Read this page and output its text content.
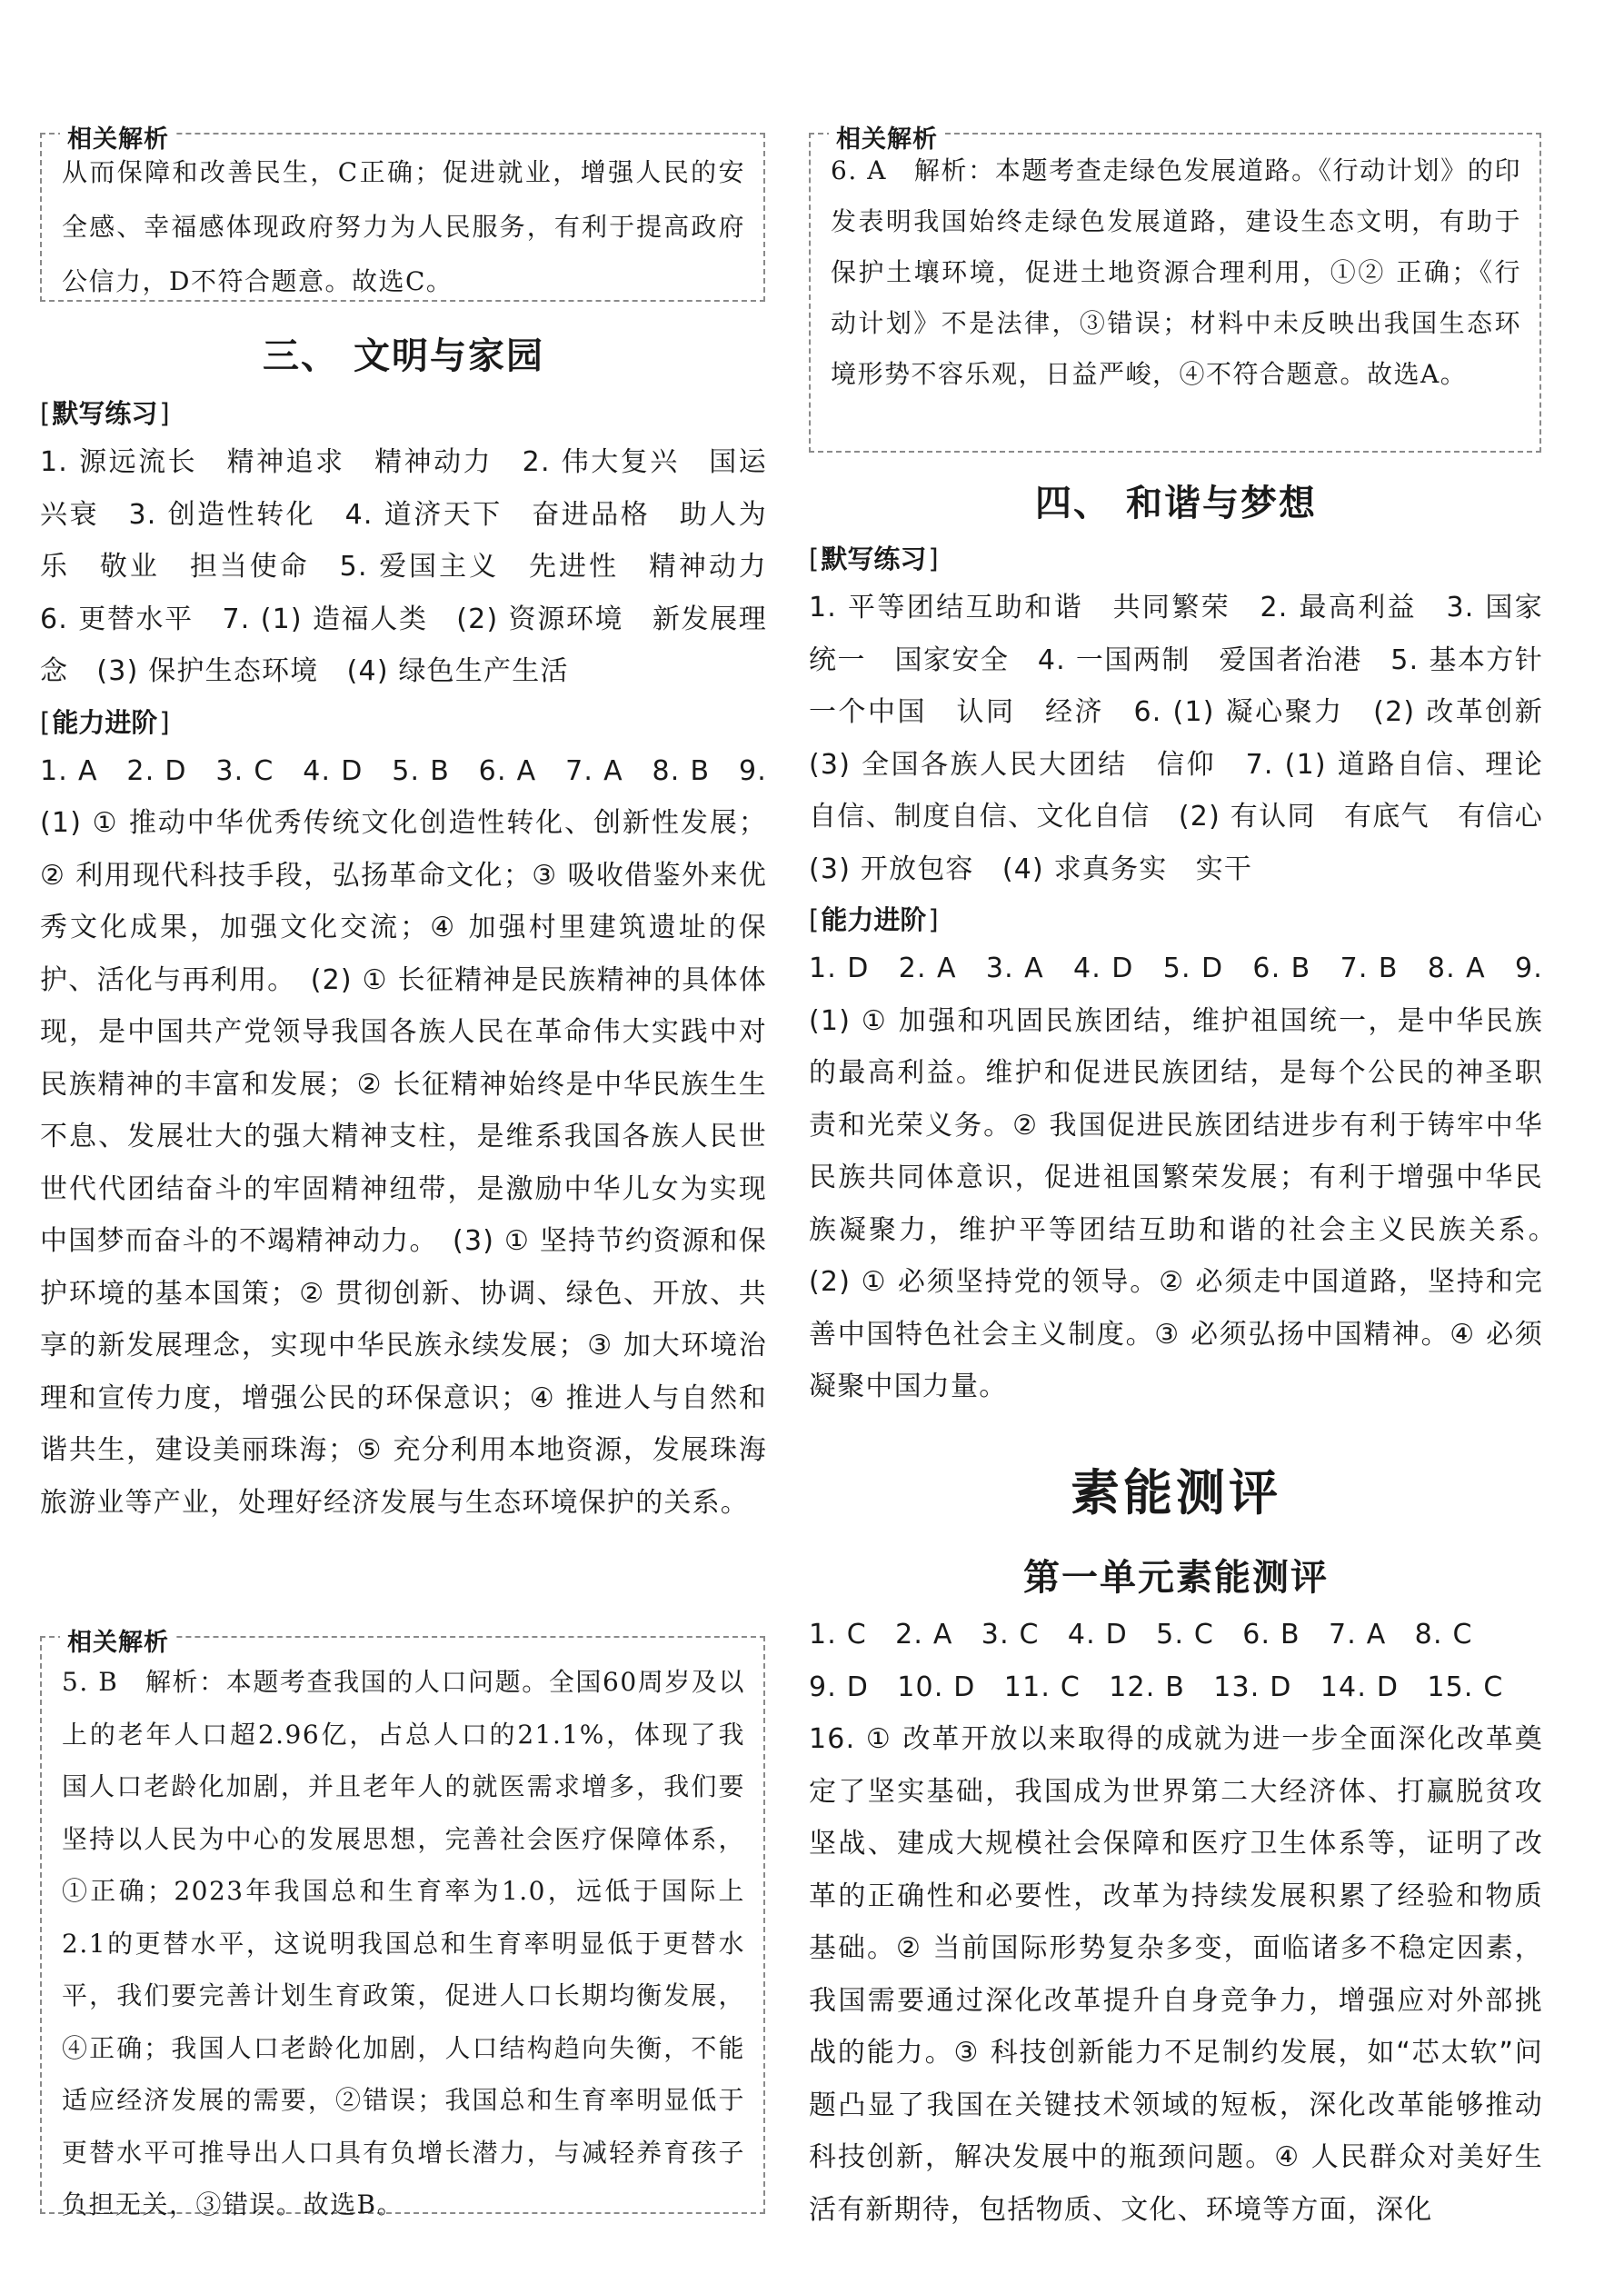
相关解析
从而保障和改善民生，C正确；促进就业，增强人民的安全感、幸福感体现政府努力为人民服务，有利于提高政府公信力，D不符合题意。故选C。
三、 文明与家园
[ 默写练习 ]
1. 源远流长　精神追求　精神动力　2. 伟大复兴　国运兴衰　3. 创造性转化　4. 道济天下　奋进品格　助人为乐　敬业　担当使命　5. 爱国主义　先进性　精神动力　6. 更替水平　7. (1) 造福人类　(2) 资源环境　新发展理念　(3) 保护生态环境　(4) 绿色生产生活
[ 能力进阶 ]
1. A　2. D　3. C　4. D　5. B　6. A　7. A　8. B　9. (1) ① 推动中华优秀传统文化创造性转化、创新性发展；② 利用现代科技手段，弘扬革命文化；③ 吸收借鉴外来优秀文化成果，加强文化交流；④ 加强村里建筑遗址的保护、活化与再利用。　(2) ① 长征精神是民族精神的具体体现，是中国共产党领导我国各族人民在革命伟大实践中对民族精神的丰富和发展；② 长征精神始终是中华民族生生不息、发展壮大的强大精神支柱，是维系我国各族人民世世代代团结奋斗的牢固精神纽带，是激励中华儿女为实现中国梦而奋斗的不竭精神动力。　(3) ① 坚持节约资源和保护环境的基本国策；② 贯彻创新、协调、绿色、开放、共享的新发展理念，实现中华民族永续发展；③ 加大环境治理和宣传力度，增强公民的环保意识；④ 推进人与自然和谐共生，建设美丽珠海；⑤ 充分利用本地资源，发展珠海旅游业等产业，处理好经济发展与生态环境保护的关系。
相关解析
5. B　解析：本题考查我国的人口问题。全国60周岁及以上的老年人口超2.96亿，占总人口的21.1%，体现了我国人口老龄化加剧，并且老年人的就医需求增多，我们要坚持以人民为中心的发展思想，完善社会医疗保障体系，①正确；2023年我国总和生育率为1.0，远低于国际上2.1的更替水平，这说明我国总和生育率明显低于更替水平，我们要完善计划生育政策，促进人口长期均衡发展，④正确；我国人口老龄化加剧，人口结构趋向失衡，不能适应经济发展的需要，②错误；我国总和生育率明显低于更替水平可推导出人口具有负增长潜力，与减轻养育孩子负担无关，③错误。故选B。
相关解析
6. A　解析：本题考查走绿色发展道路。《行动计划》的印发表明我国始终走绿色发展道路，建设生态文明，有助于保护土壤环境，促进土地资源合理利用，①② 正确；《行动计划》不是法律，③错误；材料中未反映出我国生态环境形势不容乐观，日益严峻，④不符合题意。故选A。
四、 和谐与梦想
[ 默写练习 ]
1. 平等团结互助和谐　共同繁荣　2. 最高利益　3. 国家统一　国家安全　4. 一国两制　爱国者治港　5. 基本方针　一个中国　认同　经济　6. (1) 凝心聚力　(2) 改革创新　(3) 全国各族人民大团结　信仰　7. (1) 道路自信、理论自信、制度自信、文化自信　(2) 有认同　有底气　有信心　(3) 开放包容　(4) 求真务实　实干
[ 能力进阶 ]
1. D　2. A　3. A　4. D　5. D　6. B　7. B　8. A　9. (1) ① 加强和巩固民族团结，维护祖国统一，是中华民族的最高利益。维护和促进民族团结，是每个公民的神圣职责和光荣义务。② 我国促进民族团结进步有利于铸牢中华民族共同体意识，促进祖国繁荣发展；有利于增强中华民族凝聚力，维护平等团结互助和谐的社会主义民族关系。　(2) ① 必须坚持党的领导。② 必须走中国道路，坚持和完善中国特色社会主义制度。③ 必须弘扬中国精神。④ 必须凝聚中国力量。
素能测评
第一单元素能测评
1. C　2. A　3. C　4. D　5. C　6. B　7. A　8. C
9. D　10. D　11. C　12. B　13. D　14. D　15. C
16. ① 改革开放以来取得的成就为进一步全面深化改革奠定了坚实基础，我国成为世界第二大经济体、打赢脱贫攻坚战、建成大规模社会保障和医疗卫生体系等，证明了改革的正确性和必要性，改革为持续发展积累了经验和物质基础。② 当前国际形势复杂多变，面临诸多不稳定因素，我国需要通过深化改革提升自身竞争力，增强应对外部挑战的能力。③ 科技创新能力不足制约发展，如“芯太软”问题凸显了我国在关键技术领域的短板，深化改革能够推动科技创新，解决发展中的瓶颈问题。④ 人民群众对美好生活有新期待，包括物质、文化、环境等方面，深化
